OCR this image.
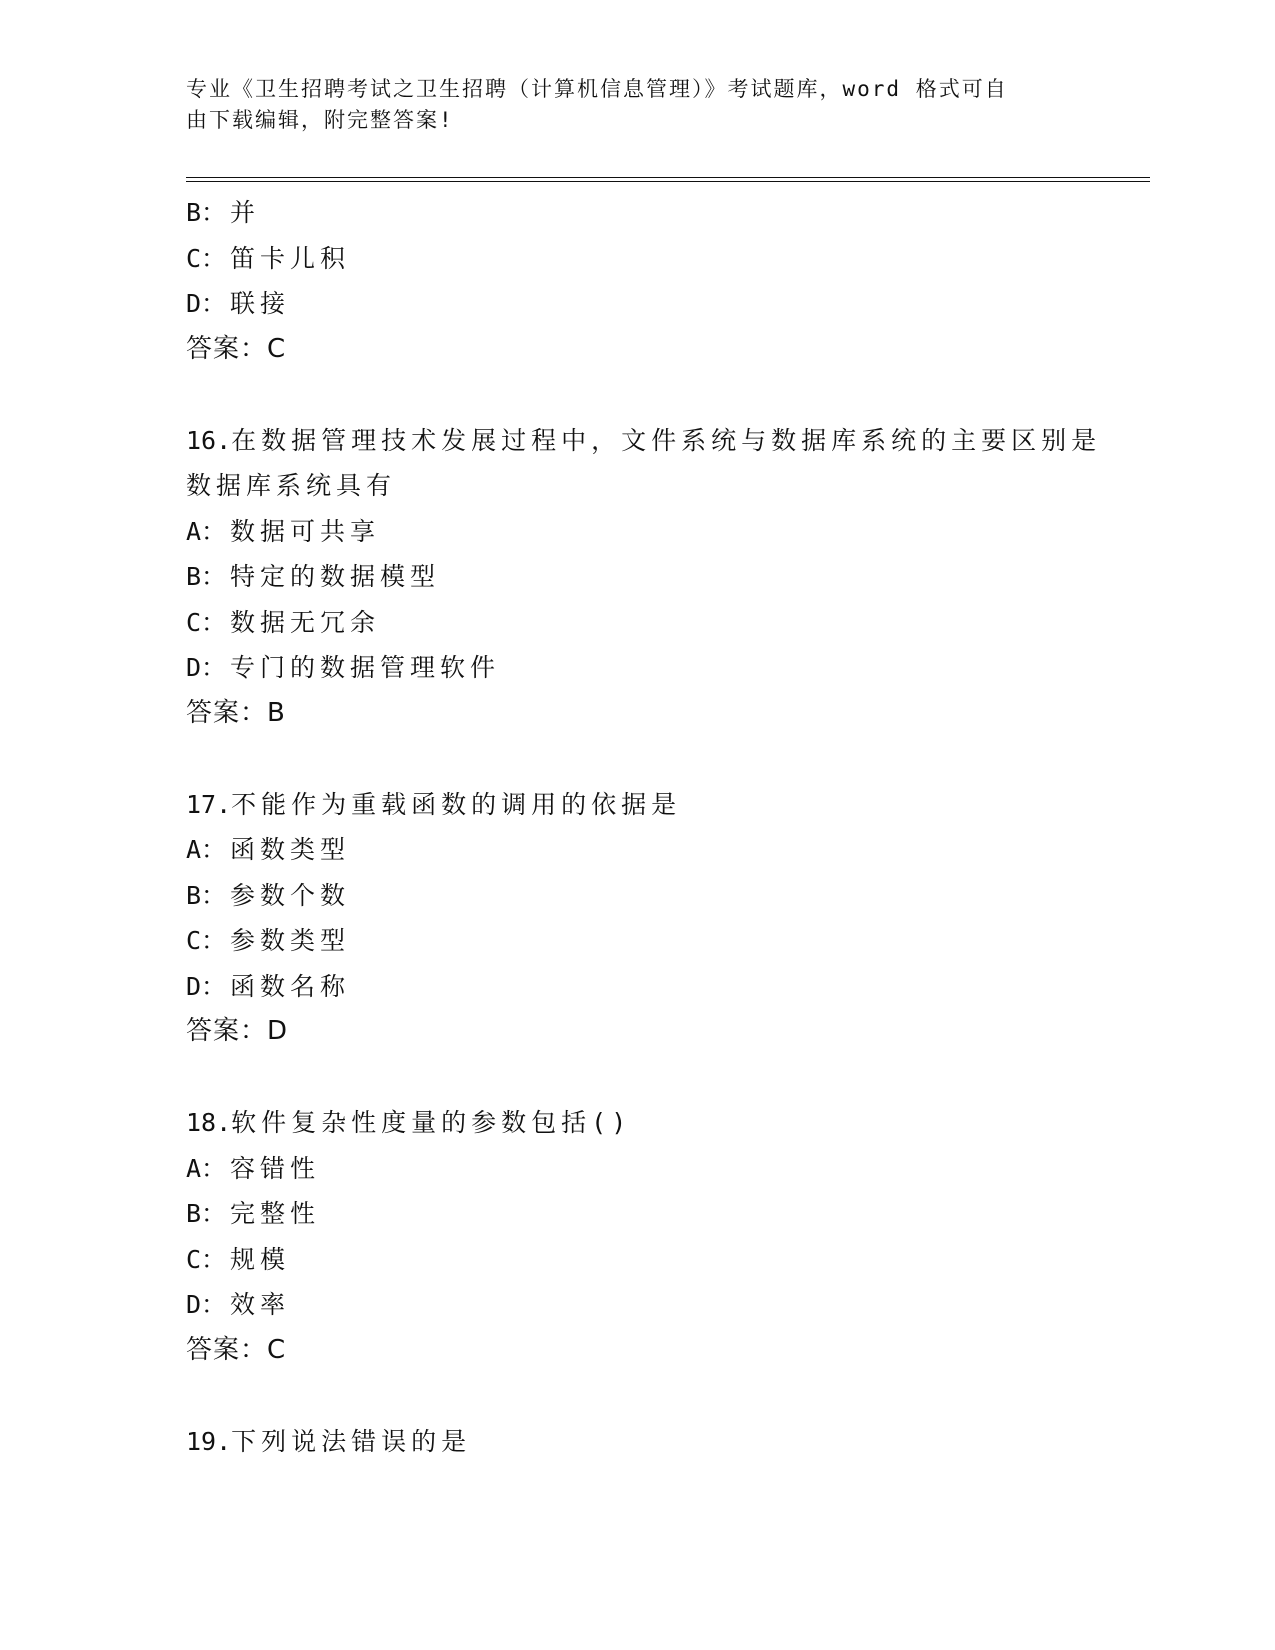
专业《卫生招聘考试之卫生招聘（计算机信息管理）》考试题库，word 格式可自
由下载编辑，附完整答案!
B： 并
C： 笛卡儿积
D： 联接
答案：C
16.在数据管理技术发展过程中，文件系统与数据库系统的主要区别是
数据库系统具有
A： 数据可共享
B： 特定的数据模型
C： 数据无冗余
D： 专门的数据管理软件
答案：B
17.不能作为重载函数的调用的依据是
A： 函数类型
B： 参数个数
C： 参数类型
D： 函数名称
答案：D
18.软件复杂性度量的参数包括()
A： 容错性
B： 完整性
C： 规模
D： 效率
答案：C
19.下列说法错误的是
